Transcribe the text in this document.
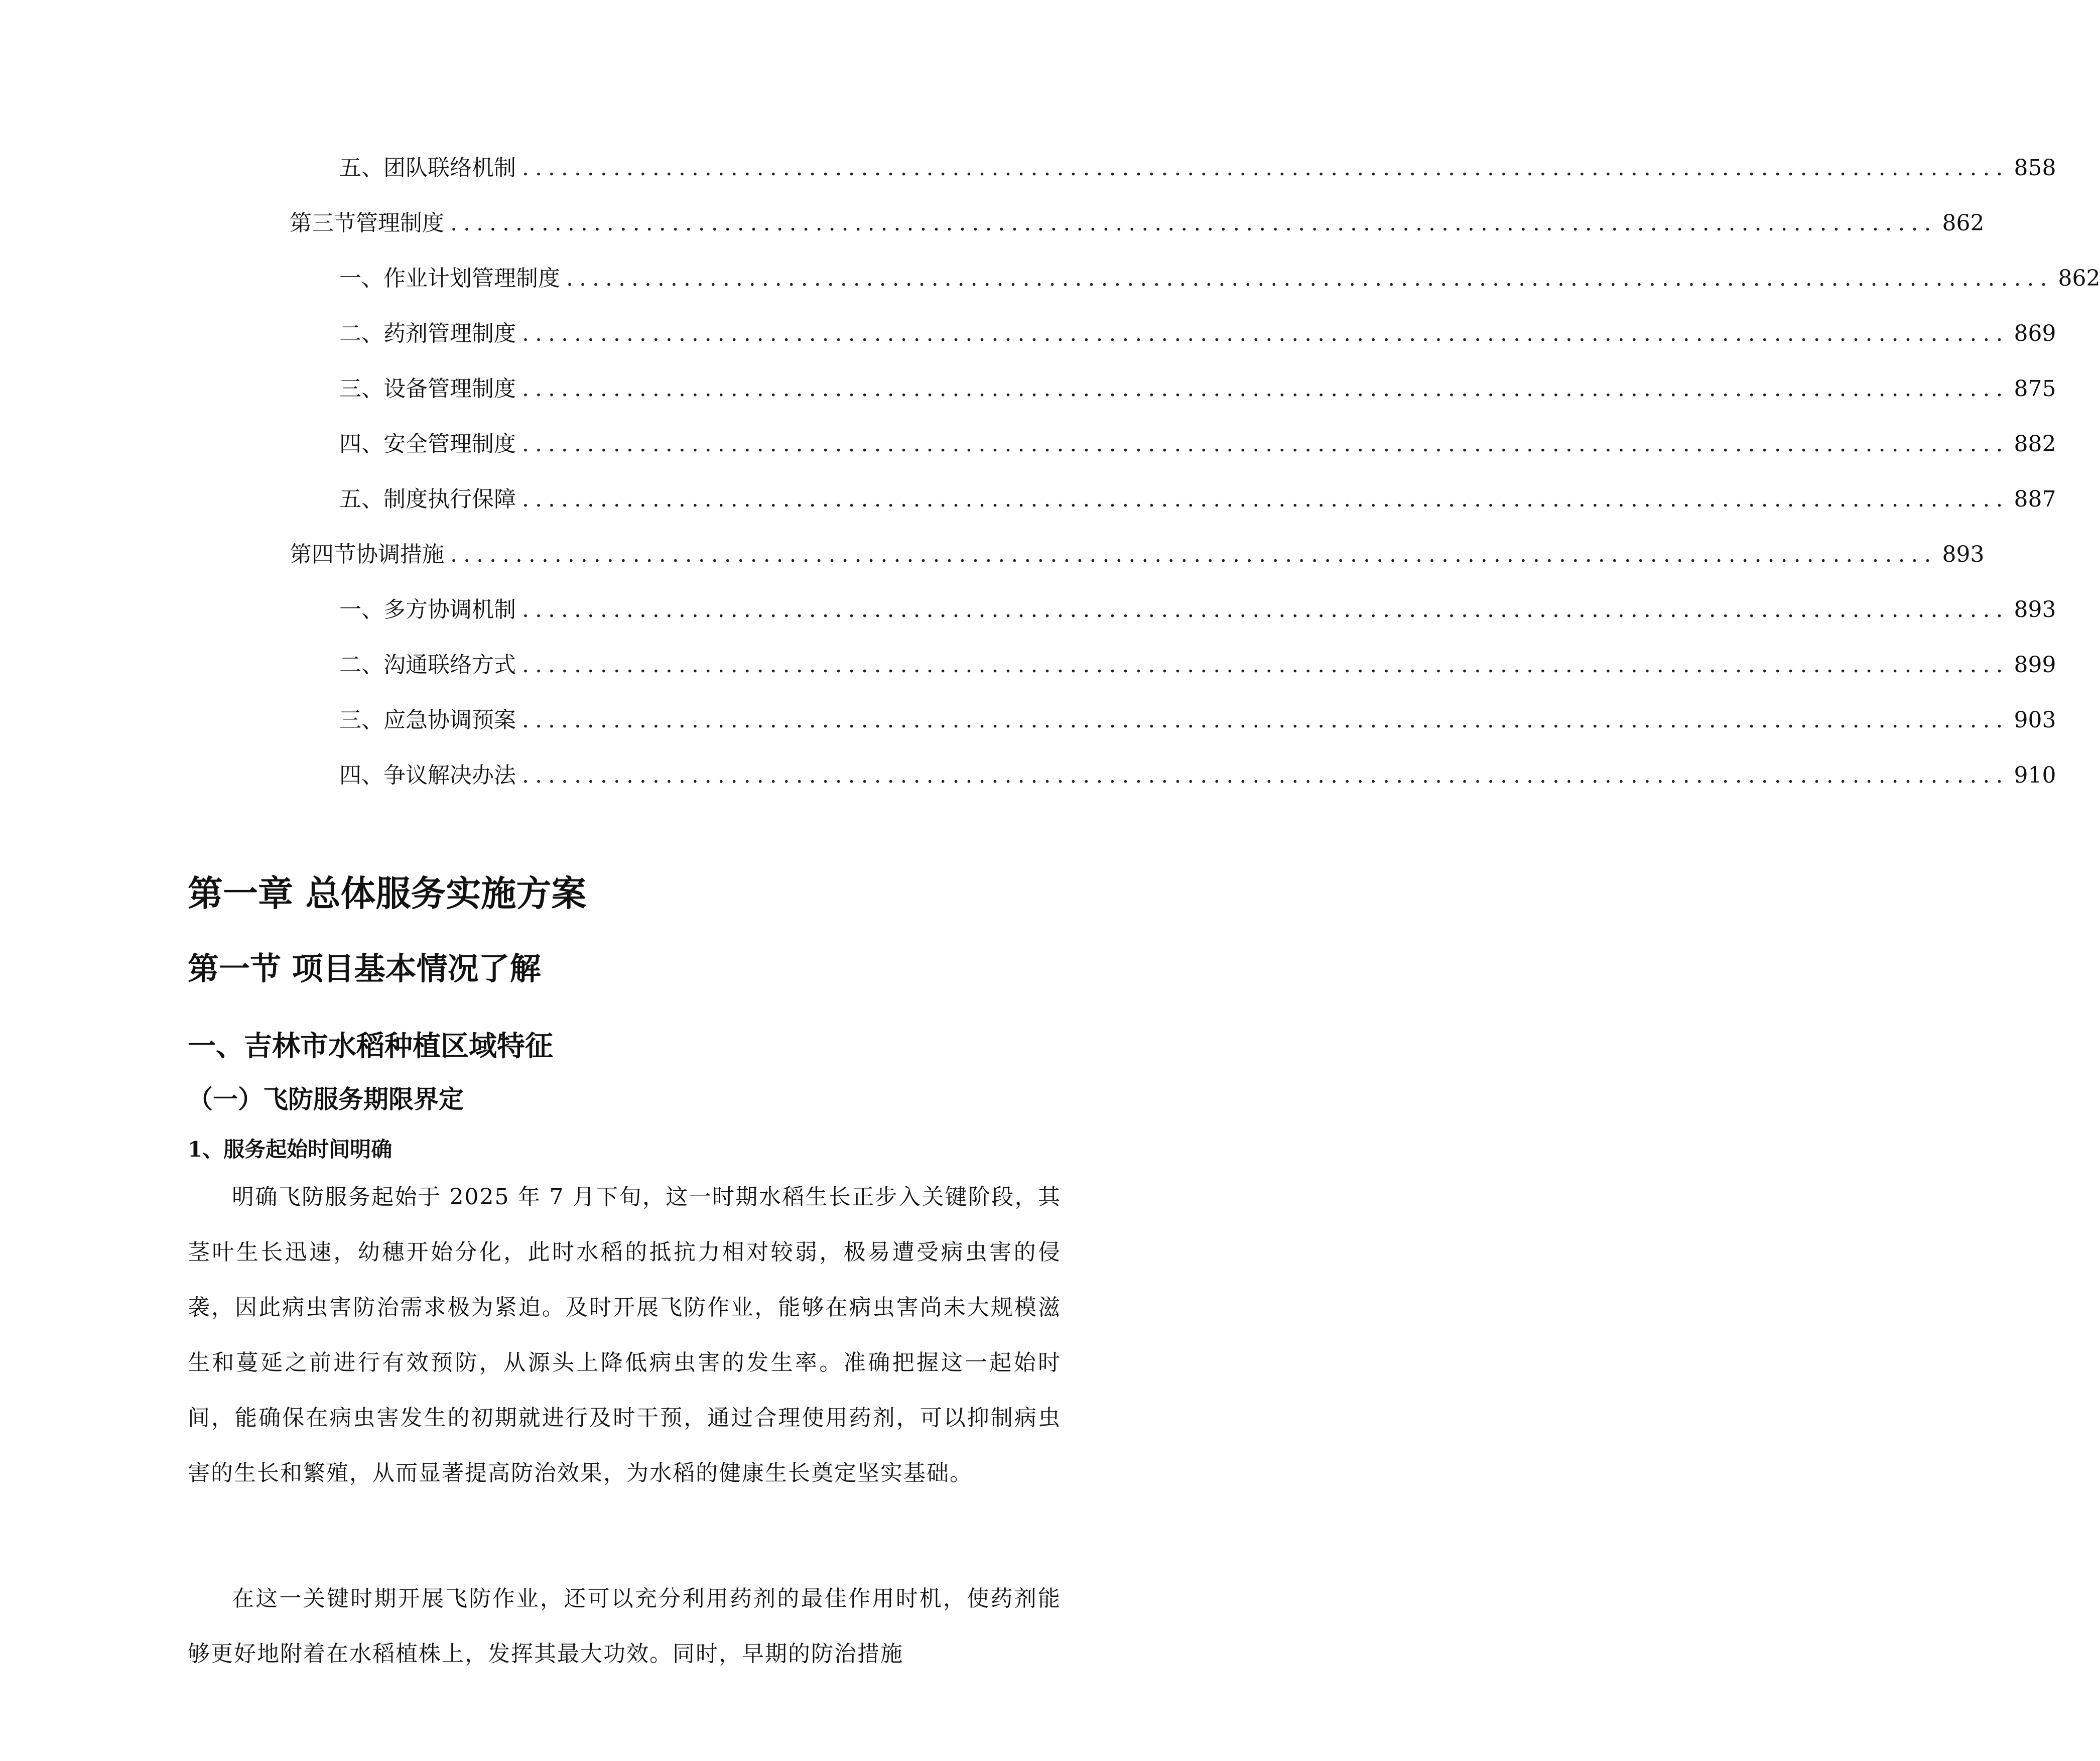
五、 团队联络机制 .................................................................................................................. 858
第三节 管理制度 .................................................................................................................. 862
一、 作业计划管理制度 .................................................................................................................. 862
二、 药剂管理制度 .................................................................................................................. 869
三、 设备管理制度 .................................................................................................................. 875
四、 安全管理制度 .................................................................................................................. 882
五、 制度执行保障 .................................................................................................................. 887
第四节 协调措施 .................................................................................................................. 893
一、 多方协调机制 .................................................................................................................. 893
二、 沟通联络方式 .................................................................................................................. 899
三、 应急协调预案 .................................................................................................................. 903
四、 争议解决办法 .................................................................................................................. 910
第一章 总体服务实施方案
第一节 项目基本情况了解
一、吉林市水稻种植区域特征
（一）飞防服务期限界定
1、服务起始时间明确

明确飞防服务起始于 2025 年 7 月下旬，这一时期水稻生长正步入关键阶段，其茎叶生长迅速，幼穗开始分化，此时水稻的抵抗力相对较弱，极易遭受病虫害的侵袭，因此病虫害防治需求极为紧迫。及时开展飞防作业，能够在病虫害尚未大规模滋生和蔓延之前进行有效预防，从源头上降低病虫害的发生率。准确把握这一起始时间，能确保在病虫害发生的初期就进行及时干预，通过合理使用药剂，可以抑制病虫害的生长和繁殖，从而显著提高防治效果，为水稻的健康生长奠定坚实基础。

在这一关键时期开展飞防作业，还可以充分利用药剂的最佳作用时机，使药剂能够更好地附着在水稻植株上，发挥其最大功效。同时，早期的防治措施
